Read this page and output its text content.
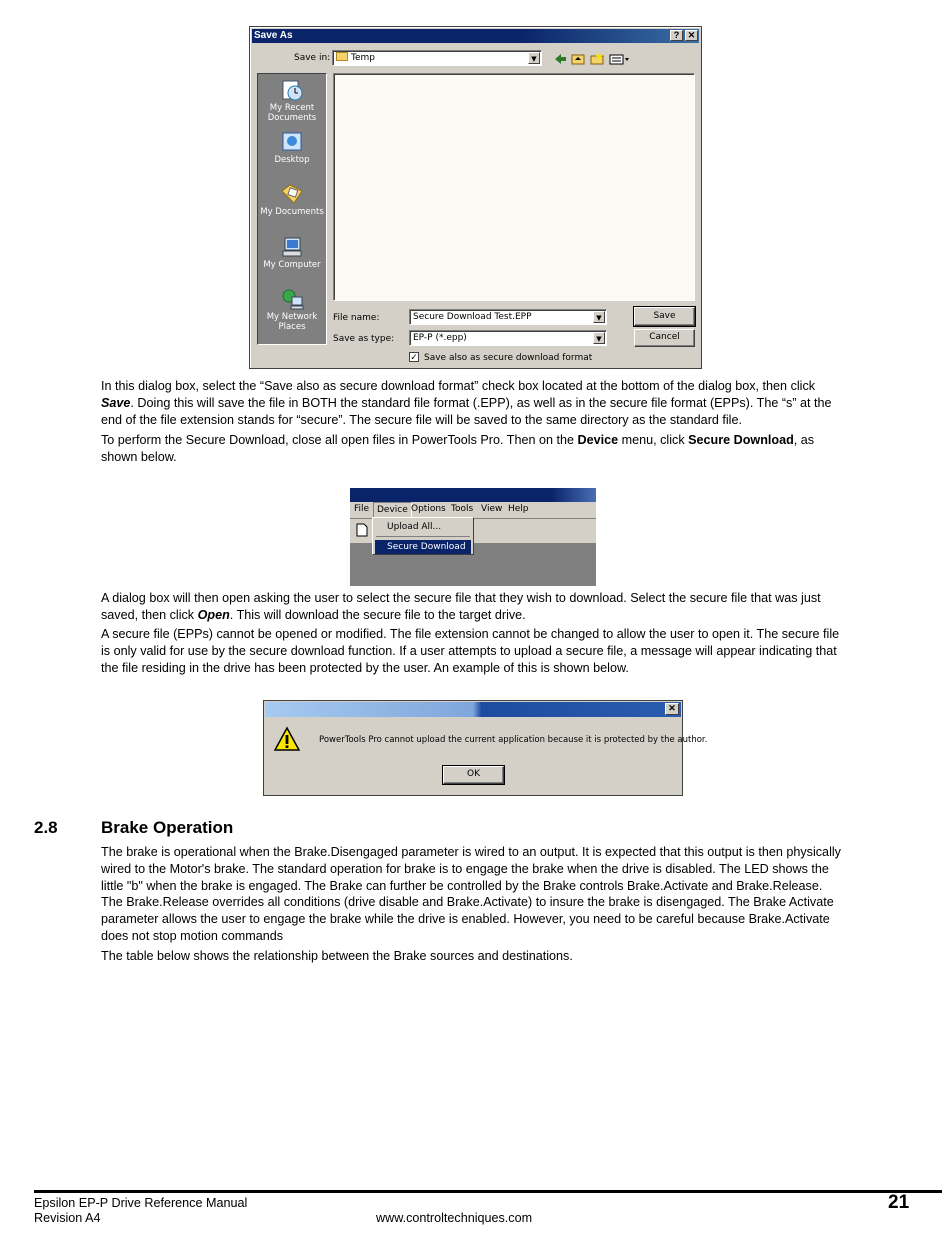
Save As	? ✕
Save in:	Temp	▼
My Recent Documents
Desktop
My Documents
My Computer
My Network Places
File name:	Secure Download Test.EPP	▼
Save as type:	EP-P (*.epp)	▼
Save
Cancel
✓ Save also as secure download format
In this dialog box, select the “Save also as secure download format” check box located at the bottom of the dialog box, then click Save. Doing this will save the file in BOTH the standard file format (.EPP), as well as in the secure file format (EPPs). The “s” at the end of the file extension stands for “secure”. The secure file will be saved to the same directory as the standard file.
To perform the Secure Download, close all open files in PowerTools Pro. Then on the Device menu, click Secure Download, as shown below.
File Device Options Tools View Help
Upload All...
Secure Download
A dialog box will then open asking the user to select the secure file that they wish to download. Select the secure file that was just saved, then click Open. This will download the secure file to the target drive.
A secure file (EPPs) cannot be opened or modified. The file extension cannot be changed to allow the user to open it. The secure file is only valid for use by the secure download function. If a user attempts to upload a secure file, a message will appear indicating that the file residing in the drive has been protected by the user. An example of this is shown below.
✕
PowerTools Pro cannot upload the current application because it is protected by the author.
OK
2.8	Brake Operation
The brake is operational when the Brake.Disengaged parameter is wired to an output. It is expected that this output is then physically wired to the Motor's brake. The standard operation for brake is to engage the brake when the drive is disabled. The LED shows the little "b" when the brake is engaged. The Brake can further be controlled by the Brake controls Brake.Activate and Brake.Release. The Brake.Release overrides all conditions (drive disable and Brake.Activate) to insure the brake is disengaged. The Brake Activate parameter allows the user to engage the brake while the drive is enabled. However, you need to be careful because Brake.Activate does not stop motion commands
The table below shows the relationship between the Brake sources and destinations.
Epsilon EP-P Drive Reference Manual
Revision A4	www.controltechniques.com
21
